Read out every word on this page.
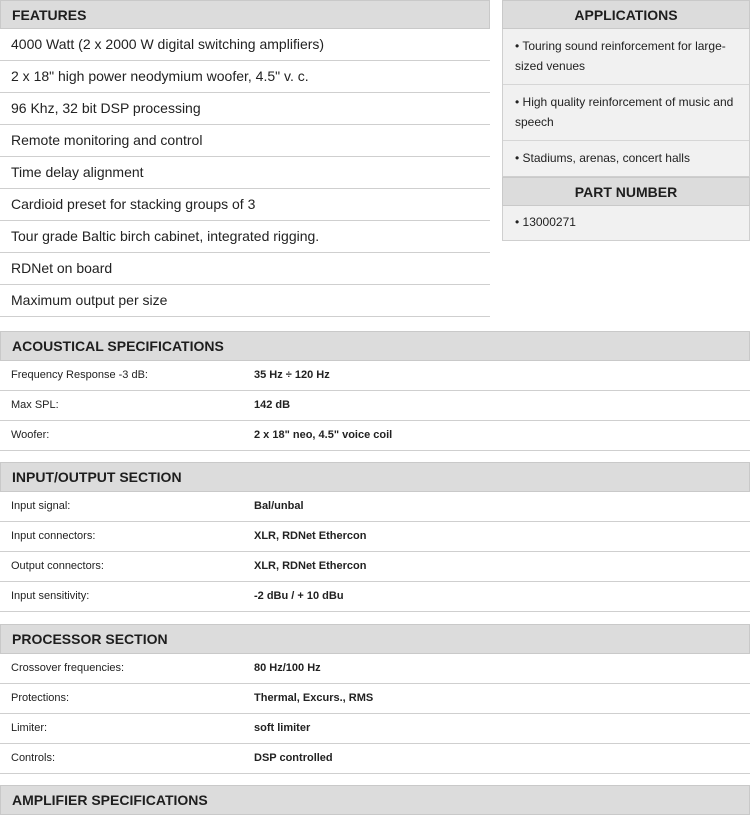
FEATURES
4000 Watt (2 x 2000 W digital switching amplifiers)
2 x 18" high power neodymium woofer, 4.5" v. c.
96 Khz, 32 bit DSP processing
Remote monitoring and control
Time delay alignment
Cardioid preset for stacking groups of 3
Tour grade Baltic birch cabinet, integrated rigging.
RDNet on board
Maximum output per size
APPLICATIONS
• Touring sound reinforcement for large-sized venues
• High quality reinforcement of music and speech
• Stadiums, arenas, concert halls
PART NUMBER
• 13000271
ACOUSTICAL SPECIFICATIONS
Frequency Response -3 dB:	35 Hz ÷ 120 Hz
Max SPL:	142 dB
Woofer:	2 x 18" neo, 4.5" voice coil
INPUT/OUTPUT SECTION
Input signal:	Bal/unbal
Input connectors:	XLR, RDNet Ethercon
Output connectors:	XLR, RDNet Ethercon
Input sensitivity:	-2 dBu / + 10 dBu
PROCESSOR SECTION
Crossover frequencies:	80 Hz/100 Hz
Protections:	Thermal, Excurs., RMS
Limiter:	soft limiter
Controls:	DSP controlled
AMPLIFIER SPECIFICATIONS
